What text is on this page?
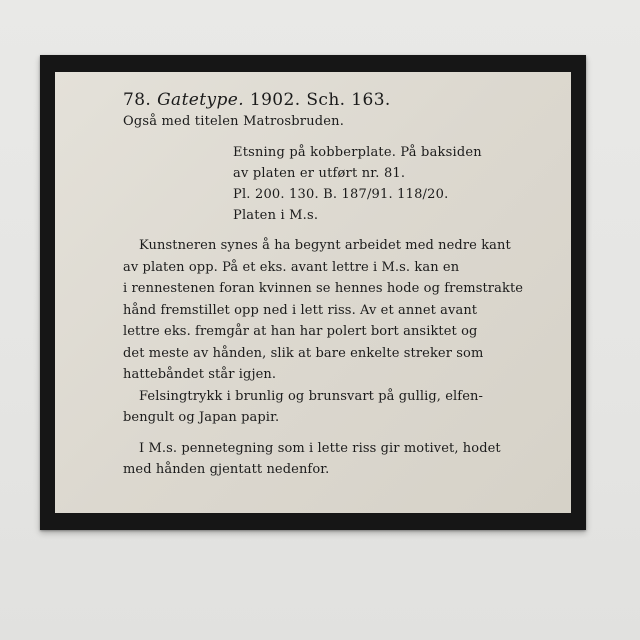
78. Gatetype. 1902. Sch. 163.
Også med titelen Matrosbruden.
Etsning på kobberplate. På baksiden
av platen er utført nr. 81.
Pl. 200. 130. B. 187/91. 118/20.
Platen i M.s.
Kunstneren synes å ha begynt arbeidet med nedre kant
av platen opp. På et eks. avant lettre i M.s. kan en
i rennestenen foran kvinnen se hennes hode og fremstrakte
hånd fremstillet opp ned i lett riss. Av et annet avant
lettre eks. fremgår at han har polert bort ansiktet og
det meste av hånden, slik at bare enkelte streker som
hattebåndet står igjen.
Felsingtrykk i brunlig og brunsvart på gullig, elfen-
bengult og Japan papir.
I M.s. pennetegning som i lette riss gir motivet, hodet
med hånden gjentatt nedenfor.
